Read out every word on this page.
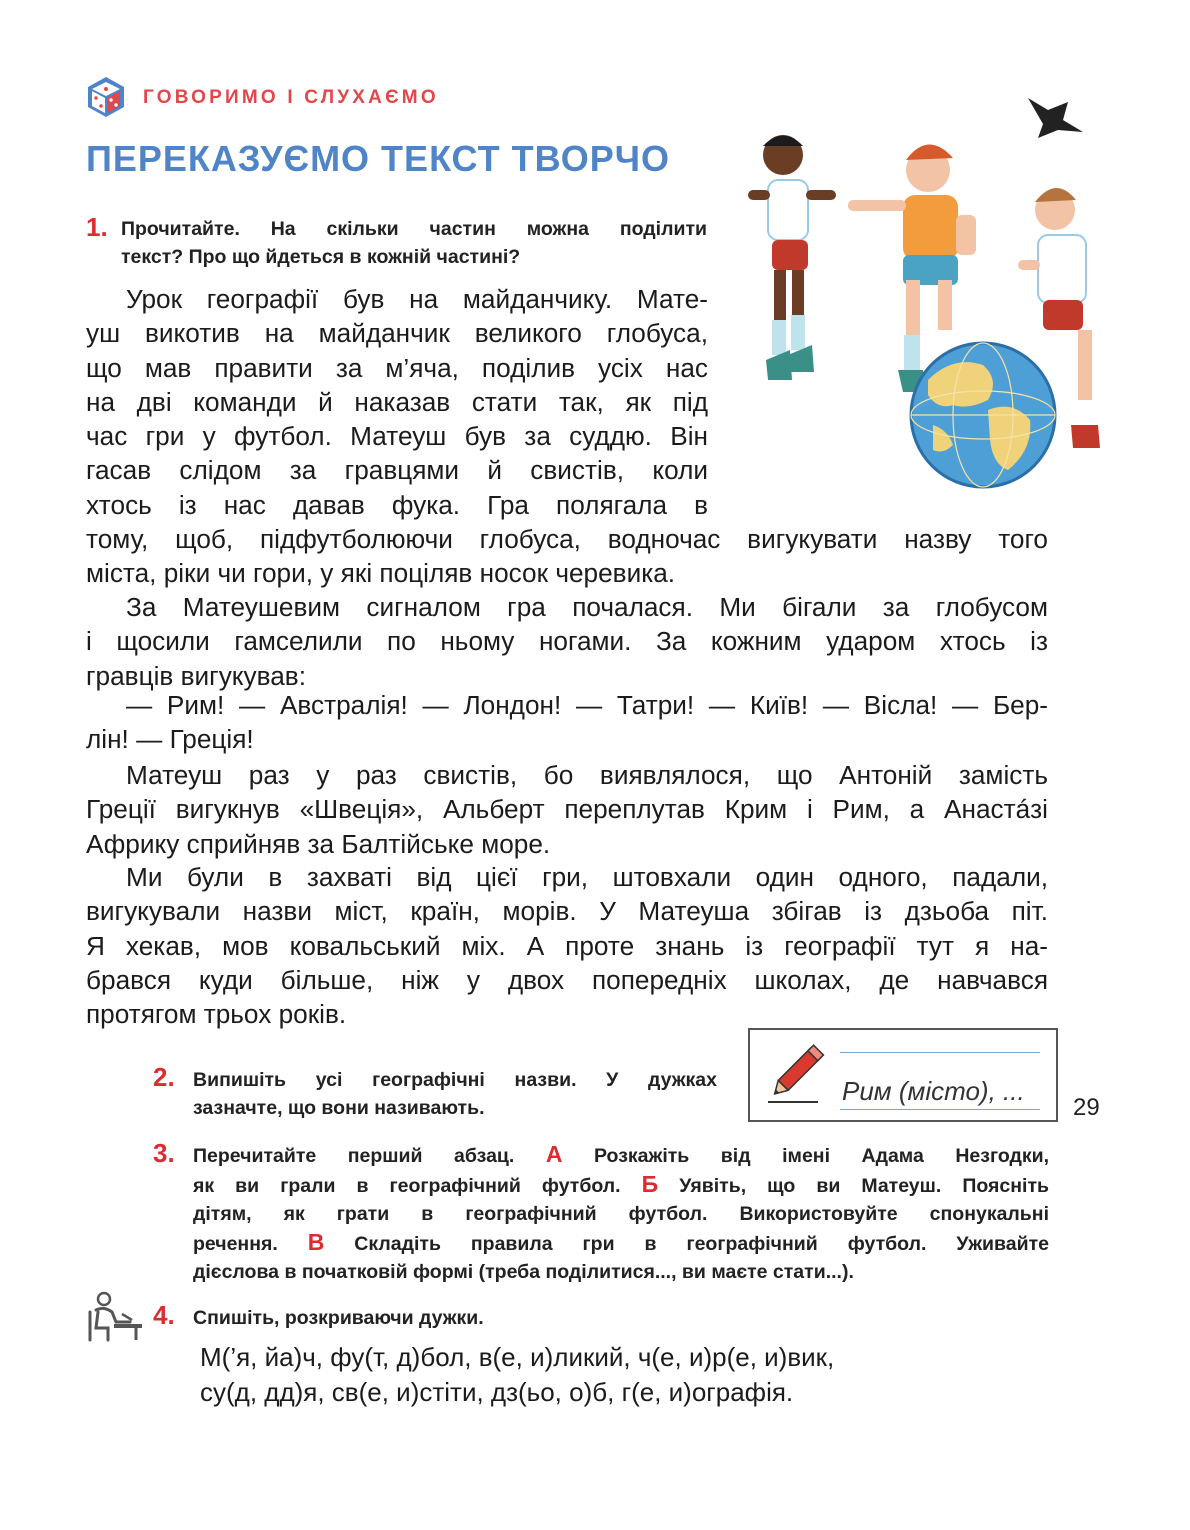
ГОВОРИМО І СЛУХАЄМО
ПЕРЕКАЗУЄМО ТЕКСТ ТВОРЧО
1. Прочитайте. На скільки частин можна поділити
текст? Про що йдеться в кожній частині?
Урок географії був на майданчику. Мате-
уш викотив на майданчик великого глобуса,
що мав правити за м’яча, поділив усіх нас
на дві команди й наказав стати так, як під
час гри у футбол. Матеуш був за суддю. Він
гасав слідом за гравцями й свистів, коли
хтось із нас давав фука. Гра полягала в
тому, щоб, підфутболюючи глобуса, водночас вигукувати назву того
міста, ріки чи гори, у які поціляв носок черевика.
За Матеушевим сигналом гра почалася. Ми бігали за глобусом
і щосили гамселили по ньому ногами. За кожним ударом хтось із
гравців вигукував:
— Рим! — Австралія! — Лондон! — Татри! — Київ! — Вісла! — Бер-
лін! — Греція!
Матеуш раз у раз свистів, бо виявлялося, що Антоній замість
Греції вигукнув «Швеція», Альберт переплутав Крим і Рим, а Анастáзі
Африку сприйняв за Балтійське море.
Ми були в захваті від цієї гри, штовхали один одного, падали,
вигукували назви міст, країн, морів. У Матеуша збігав із дзьоба піт.
Я хекав, мов ковальський міх. А проте знань із географії тут я на-
брався куди більше, ніж у двох попередніх школах, де навчався
протягом трьох років.
2. Випишіть усі географічні назви. У дужках
зазначте, що вони називають.
Рим (місто), ...
3. Перечитайте перший абзац. А Розкажіть від імені Адама Незгодки,
як ви грали в географічний футбол. Б Уявіть, що ви Матеуш. Поясніть
дітям, як грати в географічний футбол. Використовуйте спонукальні
речення. В Складіть правила гри в географічний футбол. Уживайте
дієслова в початковій формі (треба поділитися..., ви маєте стати...).
4. Спишіть, розкриваючи дужки.
М(’я, йа)ч, фу(т, д)бол, в(е, и)ликий, ч(е, и)р(е, и)вик,
су(д, дд)я, св(е, и)стіти, дз(ьо, о)б, г(е, и)ографія.
29
